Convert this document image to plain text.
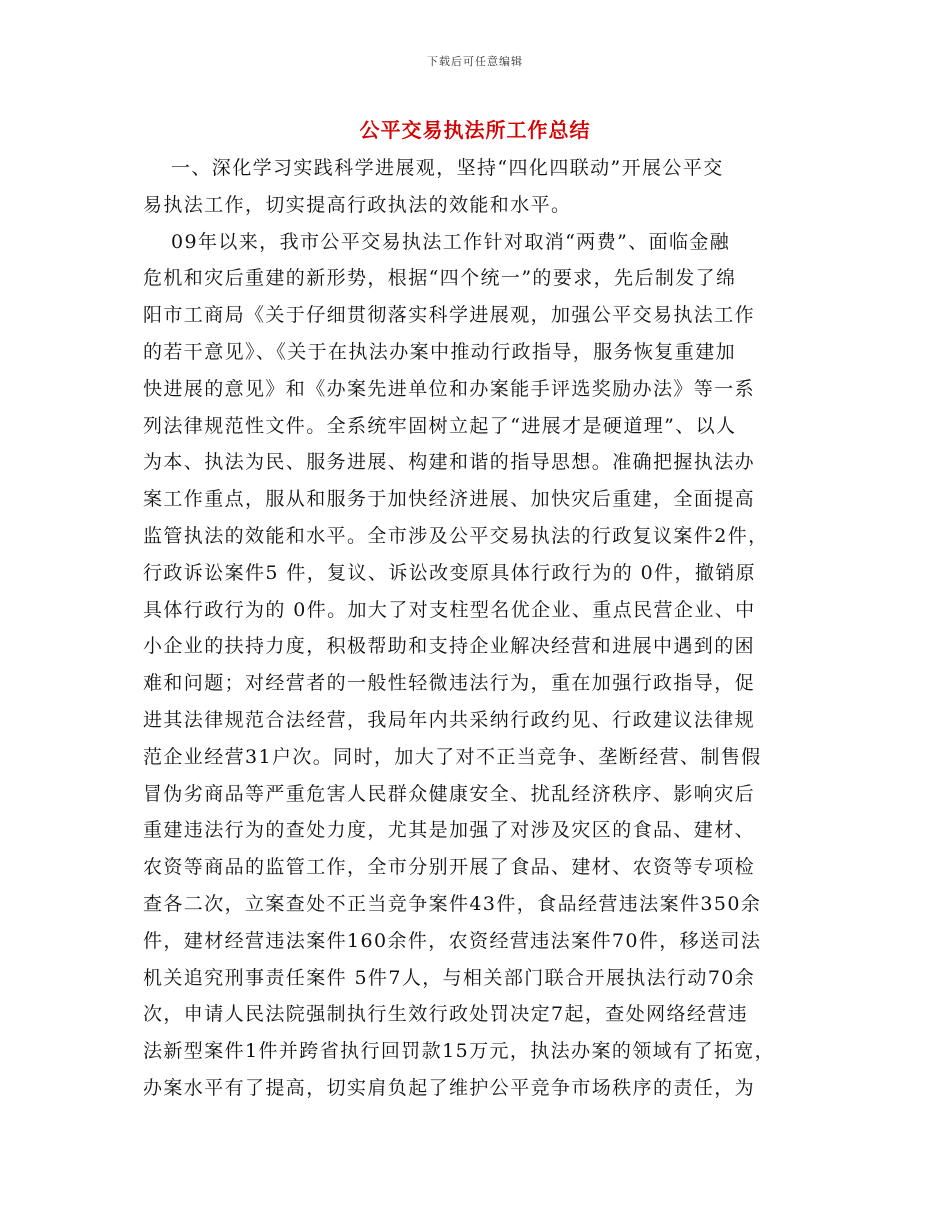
下载后可任意编辑
公平交易执法所工作总结
一、深化学习实践科学进展观，坚持“四化四联动”开展公平交
易执法工作，切实提高行政执法的效能和水平。
09年以来，我市公平交易执法工作针对取消“两费”、面临金融
危机和灾后重建的新形势，根据“四个统一”的要求，先后制发了绵
阳市工商局《关于仔细贯彻落实科学进展观，加强公平交易执法工作
的若干意见》、《关于在执法办案中推动行政指导，服务恢复重建加
快进展的意见》和《办案先进单位和办案能手评选奖励办法》等一系
列法律规范性文件。全系统牢固树立起了“进展才是硬道理”、以人
为本、执法为民、服务进展、构建和谐的指导思想。准确把握执法办
案工作重点，服从和服务于加快经济进展、加快灾后重建，全面提高
监管执法的效能和水平。全市涉及公平交易执法的行政复议案件2件，
行政诉讼案件5 件，复议、诉讼改变原具体行政行为的 0件，撤销原
具体行政行为的 0件。加大了对支柱型名优企业、重点民营企业、中
小企业的扶持力度，积极帮助和支持企业解决经营和进展中遇到的困
难和问题；对经营者的一般性轻微违法行为，重在加强行政指导，促
进其法律规范合法经营，我局年内共采纳行政约见、行政建议法律规
范企业经营31户次。同时，加大了对不正当竞争、垄断经营、制售假
冒伪劣商品等严重危害人民群众健康安全、扰乱经济秩序、影响灾后
重建违法行为的查处力度，尤其是加强了对涉及灾区的食品、建材、
农资等商品的监管工作，全市分别开展了食品、建材、农资等专项检
查各二次，立案查处不正当竞争案件43件，食品经营违法案件350余
件，建材经营违法案件160余件，农资经营违法案件70件，移送司法
机关追究刑事责任案件 5件7人，与相关部门联合开展执法行动70余
次，申请人民法院强制执行生效行政处罚决定7起，查处网络经营违
法新型案件1件并跨省执行回罚款15万元，执法办案的领域有了拓宽，
办案水平有了提高，切实肩负起了维护公平竞争市场秩序的责任，为
